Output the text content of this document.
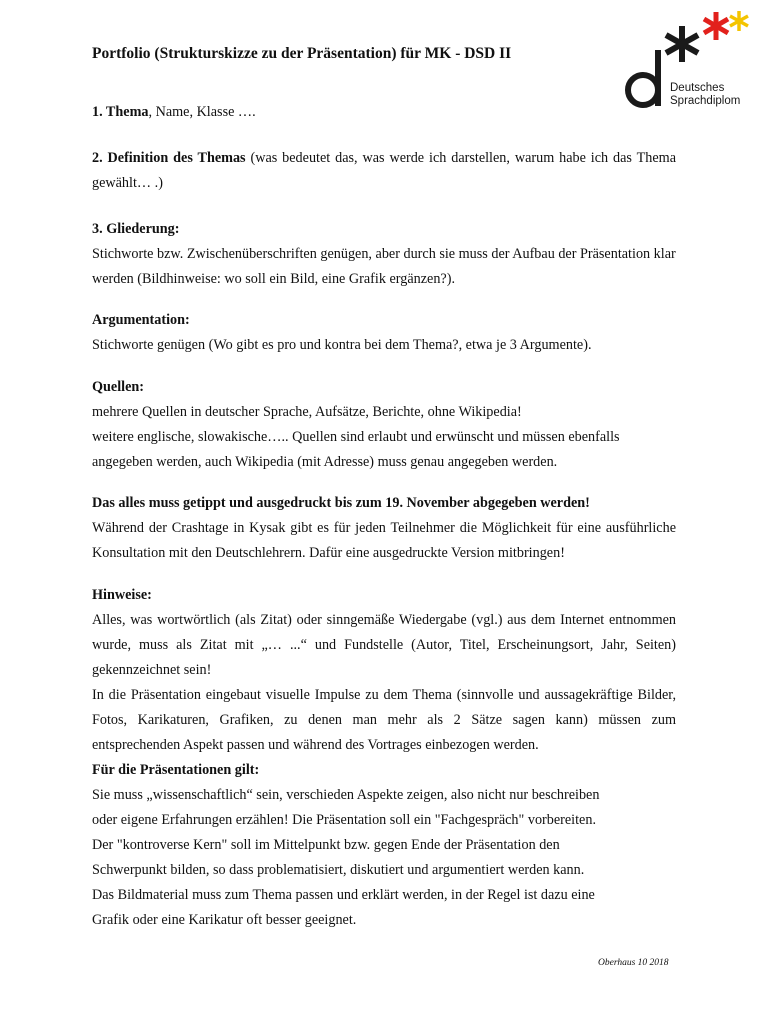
Deutsches
Sprachdiplom
Portfolio (Strukturskizze zu der Präsentation) für MK - DSD II

1. Thema, Name, Klasse ….

2. Definition des Themas (was bedeutet das, was werde ich darstellen, warum habe ich das Thema gewählt… .)

3. Gliederung:

Stichworte bzw. Zwischenüberschriften genügen, aber durch sie muss der Aufbau der Präsentation klar werden (Bildhinweise: wo soll ein Bild, eine Grafik ergänzen?).

Argumentation:

Stichworte genügen (Wo gibt es pro und kontra bei dem Thema?, etwa je 3 Argumente).

Quellen:

mehrere Quellen in deutscher Sprache, Aufsätze, Berichte, ohne Wikipedia!

weitere englische, slowakische….. Quellen sind erlaubt und erwünscht und müssen ebenfalls angegeben werden, auch Wikipedia (mit Adresse) muss genau angegeben werden.

Das alles muss getippt und ausgedruckt bis zum 19. November abgegeben werden!

Während der Crashtage in Kysak gibt es für jeden Teilnehmer die Möglichkeit für eine ausführliche Konsultation mit den Deutschlehrern. Dafür eine ausgedruckte Version mitbringen!

Hinweise:

Alles, was wortwörtlich (als Zitat) oder sinngemäße Wiedergabe (vgl.) aus dem Internet entnommen wurde, muss als Zitat mit „… ...“ und Fundstelle (Autor, Titel, Erscheinungsort, Jahr, Seiten) gekennzeichnet sein!

In die Präsentation eingebaut visuelle Impulse zu dem Thema (sinnvolle und aussagekräftige Bilder, Fotos, Karikaturen, Grafiken, zu denen man mehr als 2 Sätze sagen kann) müssen zum entsprechenden Aspekt passen und während des Vortrages einbezogen werden.

Für die Präsentationen gilt:

Sie muss „wissenschaftlich“ sein, verschieden Aspekte zeigen, also nicht nur beschreiben

oder eigene Erfahrungen erzählen! Die Präsentation soll ein "Fachgespräch" vorbereiten.

Der "kontroverse Kern" soll im Mittelpunkt bzw. gegen Ende der Präsentation den

Schwerpunkt bilden, so dass problematisiert, diskutiert und argumentiert werden kann.

Das Bildmaterial muss zum Thema passen und erklärt werden, in der Regel ist dazu eine

Grafik oder eine Karikatur oft besser geeignet.

Oberhaus 10 2018
